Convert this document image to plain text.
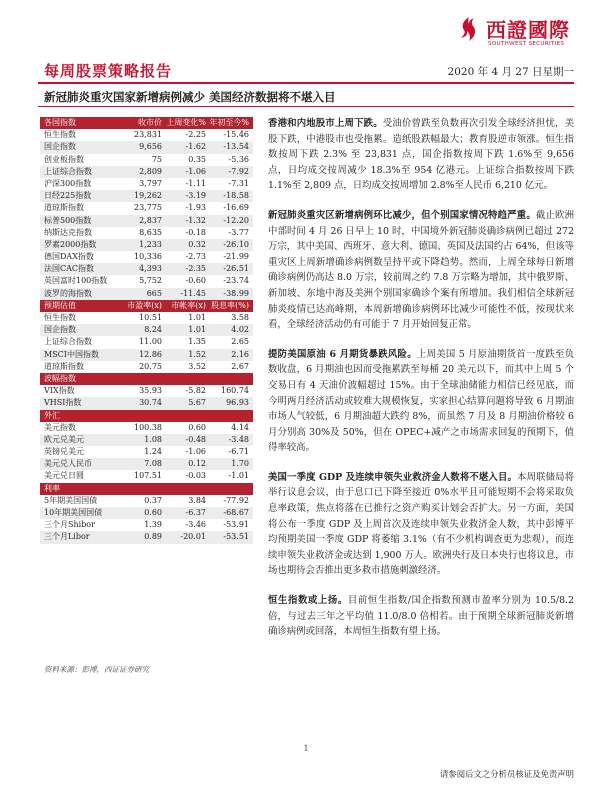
西證國際
SOUTHWEST SECURITIES
每周股票策略报告	2020 年 4 月 27 日星期一
新冠肺炎重灾国家新增病例减少 美国经济数据将不堪入目
各国指数	收市价 上周变化% 年初至今%
恒生指数	23,831	-2.25	-15.46
国企指数	9,656	-1.62	-13.54
创业板指数	75	0.35	-5.36
上证综合指数	2,809	-1.06	-7.92
沪深300指数	3,797	-1.11	-7.31
日经225指数	19,262	-3.19	-18.58
道琼斯指数	23,775	-1.93	-16.69
标普500指数	2,837	-1.32	-12.20
纳斯达克指数	8,635	-0.18	-3.77
罗素2000指数	1,233	0.32	-26.10
德国DAX指数	10,336	-2.73	-21.99
法国CAC指数	4,393	-2.35	-26.51
英国富时100指数	5,752	-0.60	-23.74
波罗的海指数	665	-11.45	-38.99
预期估值	市盈率(x)	市帐率(x) 股息率(%)
恒生指数	10.51	1.01	3.58
国企指数	8.24	1.01	4.02
上证综合指数	11.00	1.35	2.65
MSCI中国指数	12.86	1.52	2.16
道琼斯指数	20.75	3.52	2.67
波幅指数
VIX指数	35.93	-5.82	160.74
VHSI指数	30.74	5.67	96.93
外汇
美元指数	100.38	0.60	4.14
欧元兑美元	1.08	-0.48	-3.48
英镑兑美元	1.24	-1.06	-6.71
美元兑人民币	7.08	0.12	1.70
美元兑日圆	107.51	-0.03	-1.01
利率
5年期美国国债	0.37	3.84	-77.92
10年期美国国债	0.60	-6.37	-68.67
三个月Shibor	1.39	-3.46	-53.91
三个月Libor	0.89	-20.01	-53.51
资料来源：彭博，西证证券研究

香港和内地股市上周下跌。受油价曾跌至负数再次引发全球经济担忧，美股下跌，中港股市也受拖累。造纸股跌幅最大；教育股逆市领涨。恒生指数按周下跌 2.3% 至 23,831 点，国企指数按周下跌 1.6%至 9,656 点，日均成交按周减少 18.3%至 954 亿港元。上证综合指数按周下跌 1.1%至 2,809 点，日均成交按周增加 2.8%至人民币 6,210 亿元。

新冠肺炎重灾区新增病例环比减少，但个别国家情况特趋严重。截止欧洲中部时间 4 月 26 日早上 10 时，中国境外新冠肺炎确诊病例已超过 272 万宗，其中美国、西班牙、意大利、德国、英国及法国约占 64%，但该等重灾区上周新增确诊病例数呈持平或下降趋势。然而，上周全球每日新增确诊病例仍高达 8.0 万宗，较前周之约 7.8 万宗略为增加，其中俄罗斯、新加坡、东地中海及美洲个别国家确诊个案有所增加。我们相信全球新冠肺炎疫情已达高峰期，本周新增确诊病例环比减少可能性不低，按现状来看，全球经济活动仍有可能于 7 月开始回复正常。

提防美国原油 6 月期货暴跌风险。上周美国 5 月原油期货首一度跌至负数收盘，6 月期油也因而受拖累跌至每桶 20 美元以下，而其中上周 5 个交易日有 4 天油价波幅超过 15%。由于全球油储能力相信已经见底，而今明两月经济活动或较难大规模恢复，实家担心结算问题将导致 6 月期油市场人气较低，6 月期油超大跌约 8%，而虽然 7 月及 8 月期油价格较 6 月分别高 30%及 50%，但在 OPEC+减产之市场需求回复的预期下，值得率较高。

美国一季度 GDP 及连续申领失业救济金人数将不堪入目。本周联储局将举行议息会议，由于息口已下降至接近 0%水平且可能短期不会将采取负息率政策，焦点将落在已推行之资产购买计划会否扩大。另一方面，美国将公布一季度 GDP 及上周首次及连续申领失业救济金人数，其中彭博平均预期美国一季度 GDP 将萎缩 3.1%（有不少机构调查更为悲观），而连续申领失业救济金或达到 1,900 万人。欧洲央行及日本央行也将议息，市场也期待会否推出更多救市措施刺激经济。

恒生指数或上扬。目前恒生指数/国企指数预测市盈率分别为 10.5/8.2 倍，与过去三年之平均值 11.0/8.0 倍相若。由于预期全球新冠肺炎新增确诊病例或回落，本周恒生指数有望上扬。

1
请参阅后文之分析员核证及免责声明
